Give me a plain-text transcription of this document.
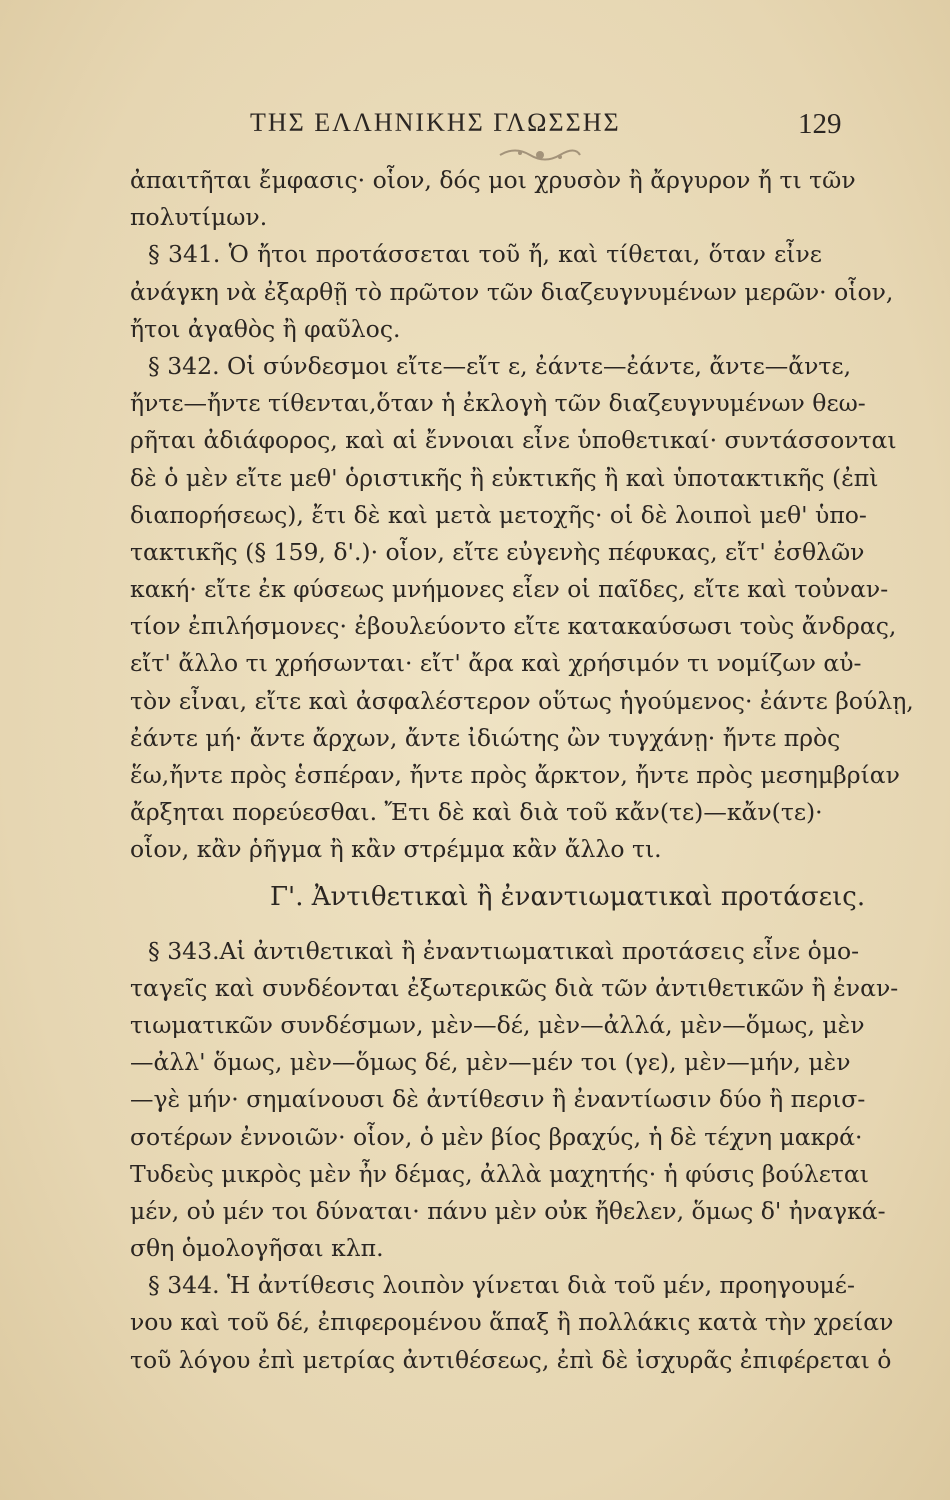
ΤΗΣ ΕΛΛΗΝΙΚΗΣ ΓΛΩΣΣΗΣ	129
ἀπαιτῆται ἔμφασις· οἷον, δός μοι χρυσὸν ἢ ἄργυρον ἤ τι τῶν
πολυτίμων.
§ 341. Ὁ ἤτοι προτάσσεται τοῦ ἤ, καὶ τίθεται, ὅταν εἶνε
ἀνάγκη νὰ ἐξαρθῇ τὸ πρῶτον τῶν διαζευγνυμένων μερῶν· οἷον,
ἤτοι ἀγαθὸς ἢ φαῦλος.
§ 342. Οἱ σύνδεσμοι εἴτε—εἴτ ε, ἐάντε—ἐάντε, ἄντε—ἄντε,
ἤντε—ἤντε τίθενται,ὅταν ἡ ἐκλογὴ τῶν διαζευγνυμένων θεω-
ρῆται ἀδιάφορος, καὶ αἱ ἔννοιαι εἶνε ὑποθετικαί· συντάσσονται
δὲ ὁ μὲν εἴτε μεθ' ὁριστικῆς ἢ εὐκτικῆς ἢ καὶ ὑποτακτικῆς (ἐπὶ
διαπορήσεως), ἔτι δὲ καὶ μετὰ μετοχῆς· οἱ δὲ λοιποὶ μεθ' ὑπο-
τακτικῆς (§ 159, δ'.)· οἷον, εἴτε εὐγενὴς πέφυκας, εἴτ' ἐσθλῶν
κακή· εἴτε ἐκ φύσεως μνήμονες εἶεν οἱ παῖδες, εἴτε καὶ τοὐναν-
τίον ἐπιλήσμονες· ἐβουλεύοντο εἴτε κατακαύσωσι τοὺς ἄνδρας,
εἴτ' ἄλλο τι χρήσωνται· εἴτ' ἄρα καὶ χρήσιμόν τι νομίζων αὐ-
τὸν εἶναι, εἴτε καὶ ἀσφαλέστερον οὕτως ἡγούμενος· ἐάντε βούλῃ,
ἐάντε μή· ἄντε ἄρχων, ἄντε ἰδιώτης ὢν τυγχάνῃ· ἤντε πρὸς
ἕω,ἤντε πρὸς ἑσπέραν, ἤντε πρὸς ἄρκτον, ἤντε πρὸς μεσημβρίαν
ἄρξηται πορεύεσθαι. Ἔτι δὲ καὶ διὰ τοῦ κἄν(τε)—κἄν(τε)·
οἷον, κἂν ῥῆγμα ἢ κἂν στρέμμα κἂν ἄλλο τι.
Γ'. Ἀντιθετικαὶ ἢ ἐναντιωματικαὶ προτάσεις.
§ 343.Αἱ ἀντιθετικαὶ ἢ ἐναντιωματικαὶ προτάσεις εἶνε ὁμο-
ταγεῖς καὶ συνδέονται ἐξωτερικῶς διὰ τῶν ἀντιθετικῶν ἢ ἐναν-
τιωματικῶν συνδέσμων, μὲν—δέ, μὲν—ἀλλά, μὲν—ὅμως, μὲν
—ἀλλ' ὅμως, μὲν—ὅμως δέ, μὲν—μέν τοι (γε), μὲν—μήν, μὲν
—γὲ μήν· σημαίνουσι δὲ ἀντίθεσιν ἢ ἐναντίωσιν δύο ἢ περισ-
σοτέρων ἐννοιῶν· οἷον, ὁ μὲν βίος βραχύς, ἡ δὲ τέχνη μακρά·
Τυδεὺς μικρὸς μὲν ἦν δέμας, ἀλλὰ μαχητής· ἡ φύσις βούλεται
μέν, οὐ μέν τοι δύναται· πάνυ μὲν οὐκ ἤθελεν, ὅμως δ' ἠναγκά-
σθη ὁμολογῆσαι κλπ.
§ 344. Ἡ ἀντίθεσις λοιπὸν γίνεται διὰ τοῦ μέν, προηγουμέ-
νου καὶ τοῦ δέ, ἐπιφερομένου ἅπαξ ἢ πολλάκις κατὰ τὴν χρείαν
τοῦ λόγου ἐπὶ μετρίας ἀντιθέσεως, ἐπὶ δὲ ἰσχυρᾶς ἐπιφέρεται ὁ
